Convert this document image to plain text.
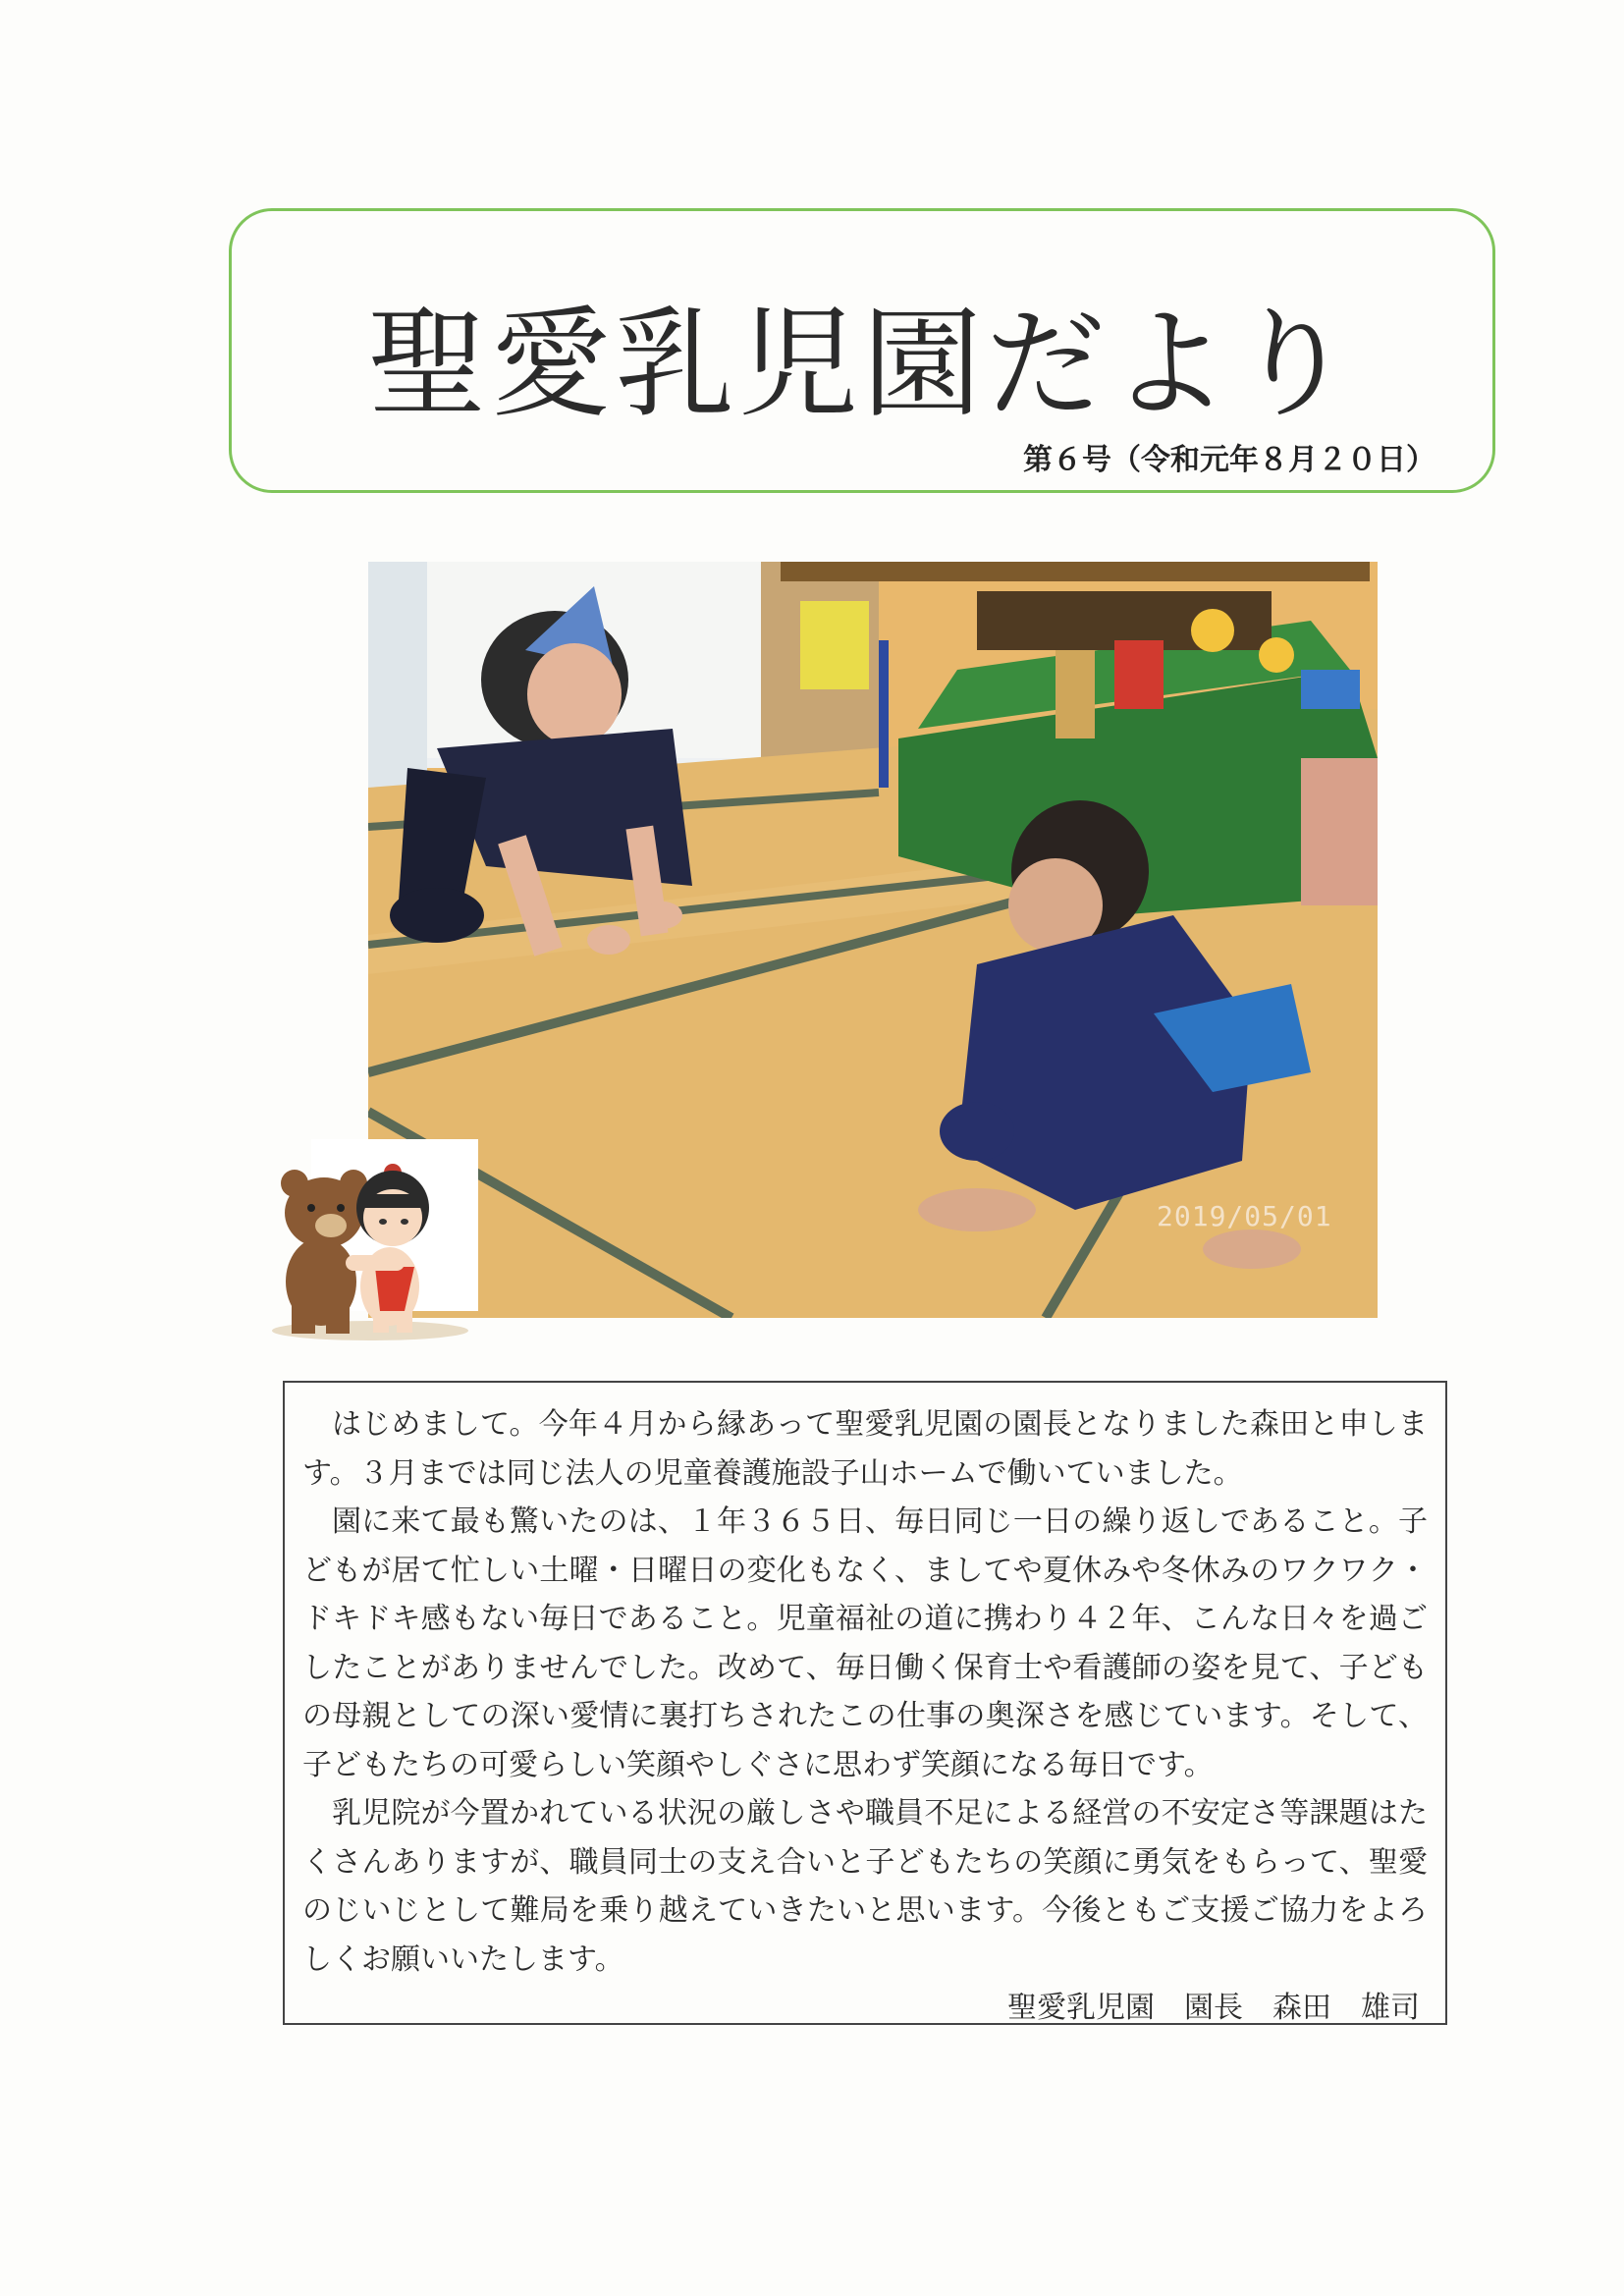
聖愛乳児園だより
第６号（令和元年８月２０日）
2019/05/01

はじめまして。今年４月から縁あって聖愛乳児園の園長となりました森田と申します。３月までは同じ法人の児童養護施設子山ホームで働いていました。

園に来て最も驚いたのは、１年３６５日、毎日同じ一日の繰り返しであること。子どもが居て忙しい土曜・日曜日の変化もなく、ましてや夏休みや冬休みのワクワク・ドキドキ感もない毎日であること。児童福祉の道に携わり４２年、こんな日々を過ごしたことがありませんでした。改めて、毎日働く保育士や看護師の姿を見て、子どもの母親としての深い愛情に裏打ちされたこの仕事の奥深さを感じています。そして、子どもたちの可愛らしい笑顔やしぐさに思わず笑顔になる毎日です。

乳児院が今置かれている状況の厳しさや職員不足による経営の不安定さ等課題はたくさんありますが、職員同士の支え合いと子どもたちの笑顔に勇気をもらって、聖愛のじいじとして難局を乗り越えていきたいと思います。今後ともご支援ご協力をよろしくお願いいたします。

聖愛乳児園　園長　森田　雄司
